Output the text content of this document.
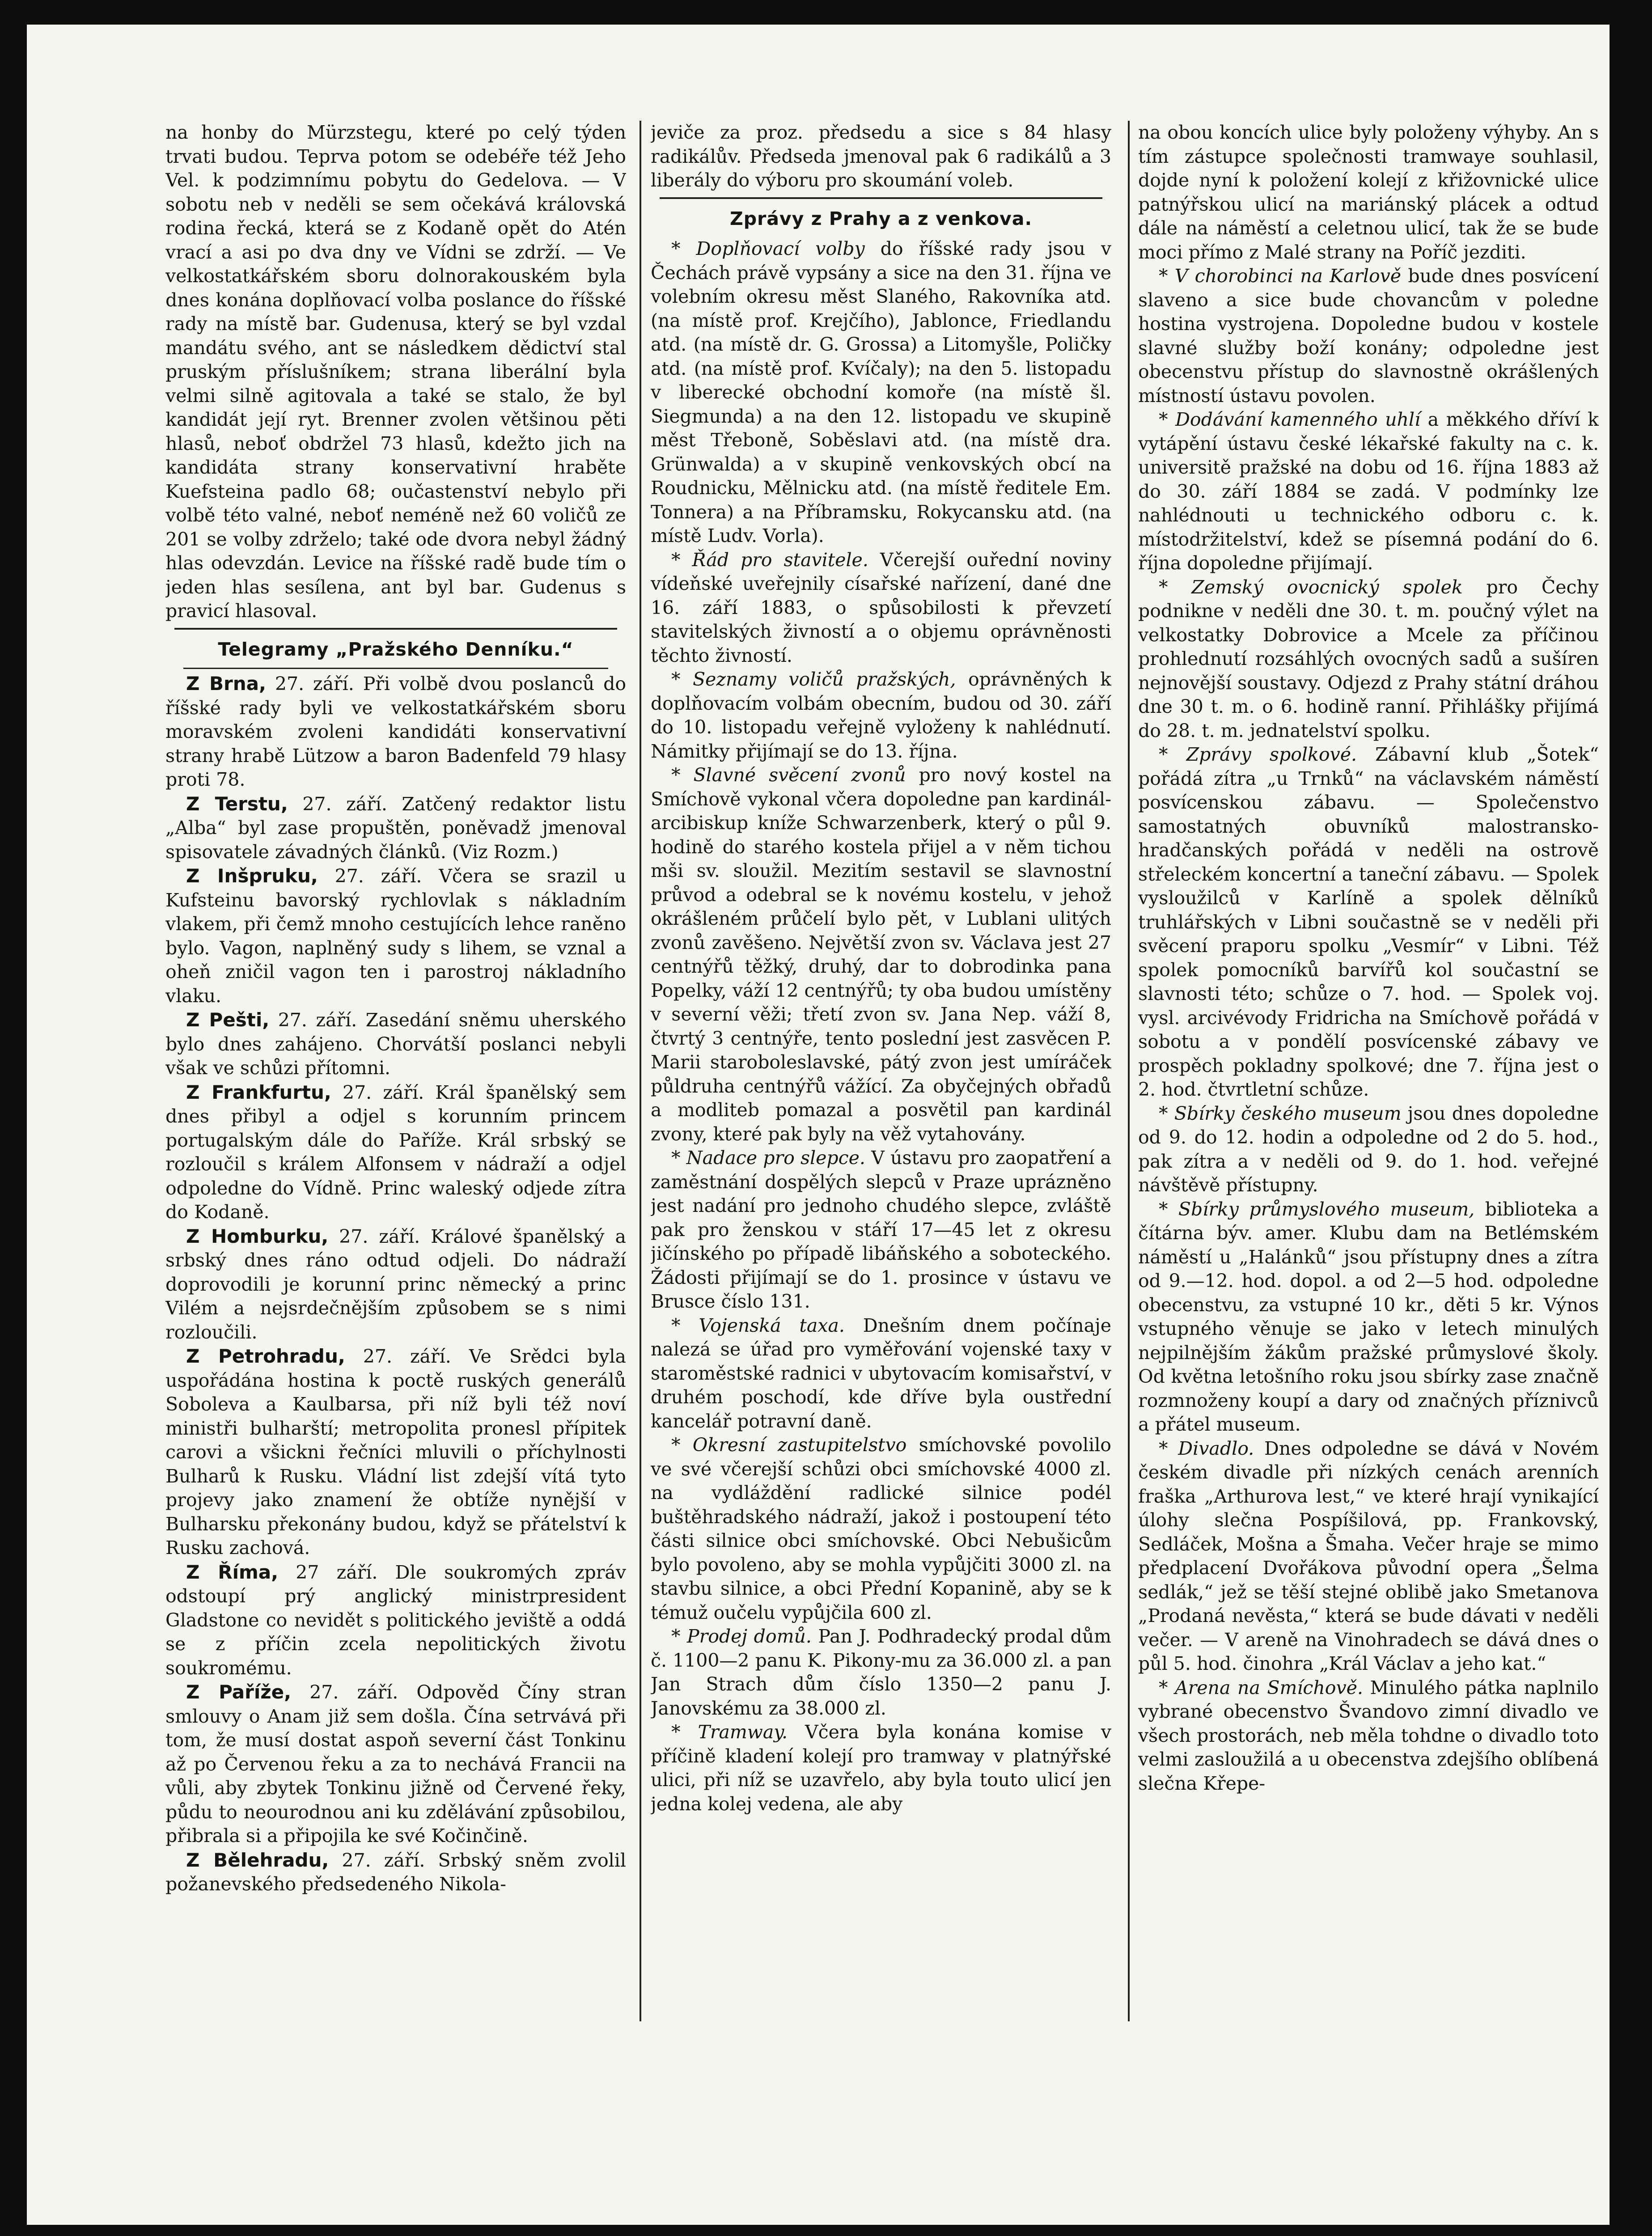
na honby do Mürzstegu, které po celý týden trvati budou. Teprva potom se odebéře též Jeho Vel. k podzimnímu pobytu do Gedelova. — V sobotu neb v neděli se sem očekává královská rodina řecká, která se z Kodaně opět do Atén vrací a asi po dva dny ve Vídni se zdrží. — Ve velkostatkářském sboru dolnorakouském byla dnes konána doplňovací volba poslance do říšské rady na místě bar. Gudenusa, který se byl vzdal mandátu svého, ant se následkem dědictví stal pruským příslušníkem; strana liberální byla velmi silně agitovala a také se stalo, že byl kandidát její ryt. Brenner zvolen většinou pěti hlasů, neboť obdržel 73 hlasů, kdežto jich na kandidáta strany konservativní hraběte Kuefsteina padlo 68; oučastenství nebylo při volbě této valné, neboť neméně než 60 voličů ze 201 se volby zdrželo; také ode dvora nebyl žádný hlas odevzdán. Levice na říšské radě bude tím o jeden hlas sesílena, ant byl bar. Gudenus s pravicí hlasoval.

Telegramy „Pražského Denníku.“

Z Brna, 27. září. Při volbě dvou poslanců do říšské rady byli ve velkostatkářském sboru moravském zvoleni kandidáti konservativní strany hrabě Lützow a baron Badenfeld 79 hlasy proti 78.

Z Terstu, 27. září. Zatčený redaktor listu „Alba“ byl zase propuštěn, poněvadž jmenoval spisovatele závadných článků. (Viz Rozm.)

Z Inšpruku, 27. září. Včera se srazil u Kufsteinu bavorský rychlovlak s nákladním vlakem, při čemž mnoho cestujících lehce raněno bylo. Vagon, naplněný sudy s lihem, se vznal a oheň zničil vagon ten i parostroj nákladního vlaku.

Z Pešti, 27. září. Zasedání sněmu uherského bylo dnes zahájeno. Chorvátší poslanci nebyli však ve schůzi přítomni.

Z Frankfurtu, 27. září. Král španělský sem dnes přibyl a odjel s korunním princem portugalským dále do Paříže. Král srbský se rozloučil s králem Alfonsem v nádraží a odjel odpoledne do Vídně. Princ waleský odjede zítra do Kodaně.

Z Homburku, 27. září. Králové španělský a srbský dnes ráno odtud odjeli. Do nádraží doprovodili je korunní princ německý a princ Vilém a nejsrdečnějším způsobem se s nimi rozloučili.

Z Petrohradu, 27. září. Ve Srědci byla uspořádána hostina k poctě ruských generálů Soboleva a Kaulbarsa, při níž byli též noví ministři bulharští; metropolita pronesl přípitek carovi a všickni řečníci mluvili o příchylnosti Bulharů k Rusku. Vládní list zdejší vítá tyto projevy jako znamení že obtíže nynější v Bulharsku překonány budou, když se přátelství k Rusku zachová.

Z Říma, 27 září. Dle soukromých zpráv odstoupí prý anglický ministrpresident Gladstone co nevidět s politického jeviště a oddá se z příčin zcela nepolitických životu soukromému.

Z Paříže, 27. září. Odpověd Číny stran smlouvy o Anam již sem došla. Čína setrvává při tom, že musí dostat aspoň severní část Tonkinu až po Červenou řeku a za to nechává Francii na vůli, aby zbytek Tonkinu jižně od Červené řeky, půdu to neourodnou ani ku zdělávání způsobilou, přibrala si a připojila ke své Kočinčině.

Z Bělehradu, 27. září. Srbský sněm zvolil požanevského předsedeného Nikola-

jeviče za proz. předsedu a sice s 84 hlasy radikálův. Předseda jmenoval pak 6 radikálů a 3 liberály do výboru pro skoumání voleb.

Zprávy z Prahy a z venkova.

* Doplňovací volby do říšské rady jsou v Čechách právě vypsány a sice na den 31. října ve volebním okresu měst Slaného, Rakovníka atd. (na místě prof. Krejčího), Jablonce, Friedlandu atd. (na místě dr. G. Grossa) a Litomyšle, Poličky atd. (na místě prof. Kvíčaly); na den 5. listopadu v liberecké obchodní komoře (na místě šl. Siegmunda) a na den 12. listopadu ve skupině měst Třeboně, Soběslavi atd. (na místě dra. Grünwalda) a v skupině venkovských obcí na Roudnicku, Mělnicku atd. (na místě ředitele Em. Tonnera) a na Příbramsku, Rokycansku atd. (na místě Ludv. Vorla).

* Řád pro stavitele. Včerejší ouřední noviny vídeňské uveřejnily císařské nařízení, dané dne 16. září 1883, o spůsobilosti k převzetí stavitelských živností a o objemu oprávněnosti těchto živností.

* Seznamy voličů pražských, oprávněných k doplňovacím volbám obecním, budou od 30. září do 10. listopadu veřejně vyloženy k nahlédnutí. Námitky přijímají se do 13. října.

* Slavné svěcení zvonů pro nový kostel na Smíchově vykonal včera dopoledne pan kardinál-arcibiskup kníže Schwarzenberk, který o půl 9. hodině do starého kostela přijel a v něm tichou mši sv. sloužil. Mezitím sestavil se slavnostní průvod a odebral se k novému kostelu, v jehož okrášleném průčelí bylo pět, v Lublani ulitých zvonů zavěšeno. Největší zvon sv. Václava jest 27 centnýřů těžký, druhý, dar to dobrodinka pana Popelky, váží 12 centnýřů; ty oba budou umístěny v severní věži; třetí zvon sv. Jana Nep. váží 8, čtvrtý 3 centnýře, tento poslední jest zasvěcen P. Marii staroboleslavské, pátý zvon jest umíráček půldruha centnýřů vážící. Za obyčejných obřadů a modliteb pomazal a posvětil pan kardinál zvony, které pak byly na věž vytahovány.

* Nadace pro slepce. V ústavu pro zaopatření a zaměstnání dospělých slepců v Praze uprázněno jest nadání pro jednoho chudého slepce, zvláště pak pro ženskou v stáří 17—45 let z okresu jičínského po případě libáňského a soboteckého. Žádosti přijímají se do 1. prosince v ústavu ve Brusce číslo 131.

* Vojenská taxa. Dnešním dnem počínaje nalezá se úřad pro vyměřování vojenské taxy v staroměstské radnici v ubytovacím komisařství, v druhém poschodí, kde dříve byla oustřední kancelář potravní daně.

* Okresní zastupitelstvo smíchovské povolilo ve své včerejší schůzi obci smíchovské 4000 zl. na vydláždění radlické silnice podél buštěhradského nádraží, jakož i postoupení této části silnice obci smíchovské. Obci Nebušicům bylo povoleno, aby se mohla vypůjčiti 3000 zl. na stavbu silnice, a obci Přední Kopanině, aby se k témuž oučelu vypůjčila 600 zl.

* Prodej domů. Pan J. Podhradecký prodal dům č. 1100—2 panu K. Pikony-mu za 36.000 zl. a pan Jan Strach dům číslo 1350—2 panu J. Janovskému za 38.000 zl.

* Tramway. Včera byla konána komise v příčině kladení kolejí pro tramway v platnýřské ulici, při níž se uzavřelo, aby byla touto ulicí jen jedna kolej vedena, ale aby

na obou koncích ulice byly položeny výhyby. An s tím zástupce společnosti tramwaye souhlasil, dojde nyní k položení kolejí z křižovnické ulice patnýřskou ulicí na mariánský plácek a odtud dále na náměstí a celetnou ulicí, tak že se bude moci přímo z Malé strany na Poříč jezditi.

* V chorobinci na Karlově bude dnes posvícení slaveno a sice bude chovancům v poledne hostina vystrojena. Dopoledne budou v kostele slavné služby boží konány; odpoledne jest obecenstvu přístup do slavnostně okrášlených místností ústavu povolen.

* Dodávání kamenného uhlí a měkkého dříví k vytápění ústavu české lékařské fakulty na c. k. universitě pražské na dobu od 16. října 1883 až do 30. září 1884 se zadá. V podmínky lze nahlédnouti u technického odboru c. k. místodržitelství, kdež se písemná podání do 6. října dopoledne přijímají.

* Zemský ovocnický spolek pro Čechy podnikne v neděli dne 30. t. m. poučný výlet na velkostatky Dobrovice a Mcele za příčinou prohlednutí rozsáhlých ovocných sadů a sušíren nejnovější soustavy. Odjezd z Prahy státní dráhou dne 30 t. m. o 6. hodině ranní. Přihlášky přijímá do 28. t. m. jednatelství spolku.

* Zprávy spolkové. Zábavní klub „Šotek“ pořádá zítra „u Trnků“ na václavském náměstí posvícenskou zábavu. — Společenstvo samostatných obuvníků malostransko-hradčanských pořádá v neděli na ostrově střeleckém koncertní a taneční zábavu. — Spolek vysloužilců v Karlíně a spolek dělníků truhlářských v Libni součastně se v neděli při svěcení praporu spolku „Vesmír“ v Libni. Též spolek pomocníků barvířů kol součastní se slavnosti této; schůze o 7. hod. — Spolek voj. vysl. arcivévody Fridricha na Smíchově pořádá v sobotu a v pondělí posvícenské zábavy ve prospěch pokladny spolkové; dne 7. října jest o 2. hod. čtvrtletní schůze.

* Sbírky českého museum jsou dnes dopoledne od 9. do 12. hodin a odpoledne od 2 do 5. hod., pak zítra a v neděli od 9. do 1. hod. veřejné návštěvě přístupny.

* Sbírky průmyslového museum, biblioteka a čítárna býv. amer. Klubu dam na Betlémském náměstí u „Halánků“ jsou přístupny dnes a zítra od 9.—12. hod. dopol. a od 2—5 hod. odpoledne obecenstvu, za vstupné 10 kr., děti 5 kr. Výnos vstupného věnuje se jako v letech minulých nejpilnějším žákům pražské průmyslové školy. Od května letošního roku jsou sbírky zase značně rozmnoženy koupí a dary od značných příznivců a přátel museum.

* Divadlo. Dnes odpoledne se dává v Novém českém divadle při nízkých cenách arenních fraška „Arthurova lest,“ ve které hrají vynikající úlohy slečna Pospíšilová, pp. Frankovský, Sedláček, Mošna a Šmaha. Večer hraje se mimo předplacení Dvořákova původní opera „Šelma sedlák,“ jež se těší stejné oblibě jako Smetanova „Prodaná nevěsta,“ která se bude dávati v neděli večer. — V areně na Vinohradech se dává dnes o půl 5. hod. činohra „Král Václav a jeho kat.“

* Arena na Smíchově. Minulého pátka naplnilo vybrané obecenstvo Švandovo zimní divadlo ve všech prostorách, neb měla tohdne o divadlo toto velmi zasloužilá a u obecenstva zdejšího oblíbená slečna Křepe-
